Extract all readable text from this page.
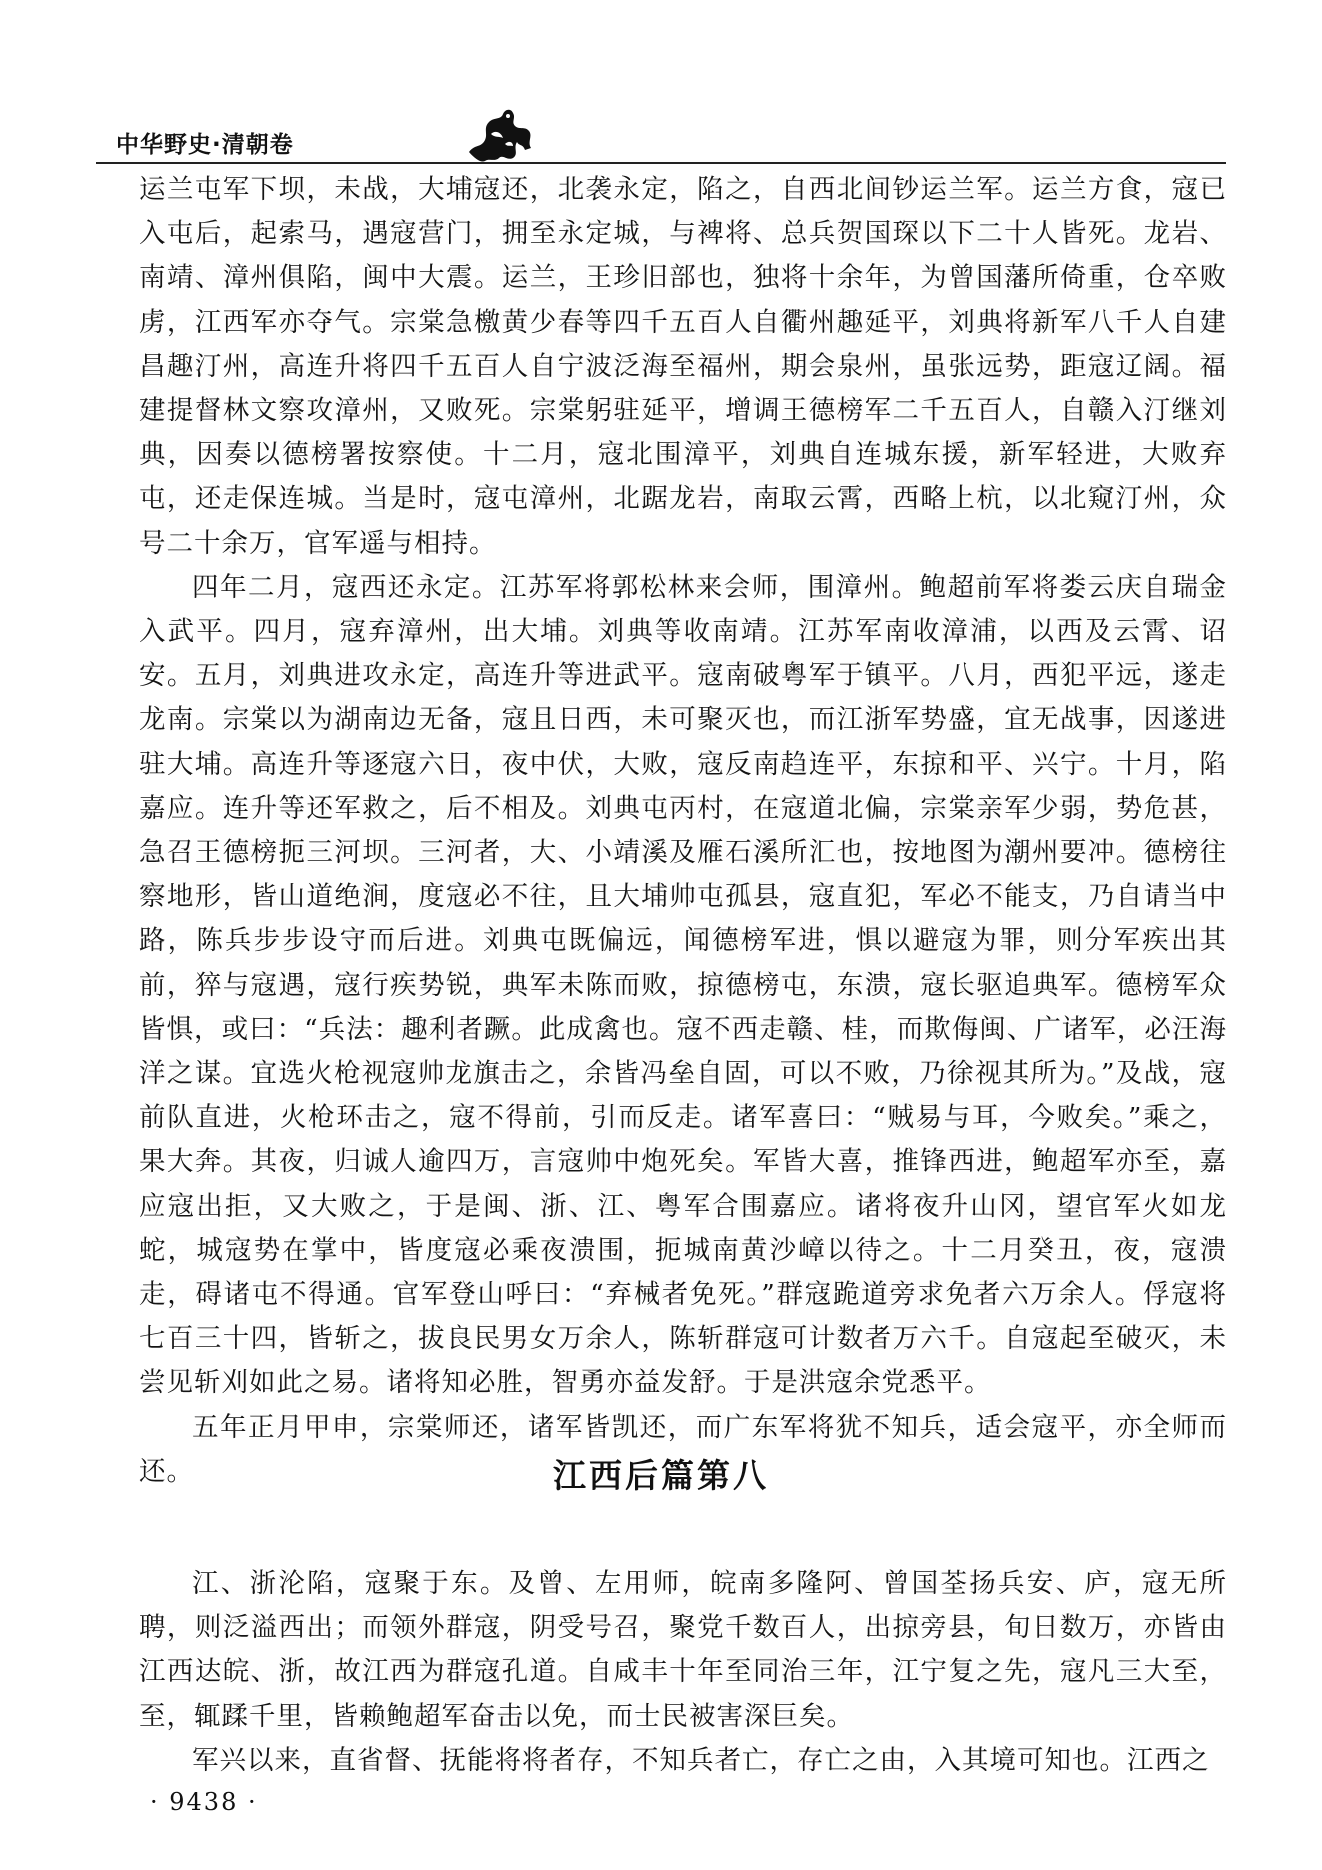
中华野史·清朝卷

运兰屯军下坝，未战，大埔寇还，北袭永定，陷之，自西北间钞运兰军。运兰方食，寇已入屯后，起索马，遇寇营门，拥至永定城，与裨将、总兵贺国琛以下二十人皆死。龙岩、南靖、漳州俱陷，闽中大震。运兰，王珍旧部也，独将十余年，为曾国藩所倚重，仓卒败虏，江西军亦夺气。宗棠急檄黄少春等四千五百人自衢州趣延平，刘典将新军八千人自建昌趣汀州，高连升将四千五百人自宁波泛海至福州，期会泉州，虽张远势，距寇辽阔。福建提督林文察攻漳州，又败死。宗棠躬驻延平，增调王德榜军二千五百人，自赣入汀继刘典，因奏以德榜署按察使。十二月，寇北围漳平，刘典自连城东援，新军轻进，大败弃屯，还走保连城。当是时，寇屯漳州，北踞龙岩，南取云霄，西略上杭，以北窥汀州，众号二十余万，官军遥与相持。

四年二月，寇西还永定。江苏军将郭松林来会师，围漳州。鲍超前军将娄云庆自瑞金入武平。四月，寇弃漳州，出大埔。刘典等收南靖。江苏军南收漳浦，以西及云霄、诏安。五月，刘典进攻永定，高连升等进武平。寇南破粤军于镇平。八月，西犯平远，遂走龙南。宗棠以为湖南边无备，寇且日西，未可聚灭也，而江浙军势盛，宜无战事，因遂进驻大埔。高连升等逐寇六日，夜中伏，大败，寇反南趋连平，东掠和平、兴宁。十月，陷嘉应。连升等还军救之，后不相及。刘典屯丙村，在寇道北偏，宗棠亲军少弱，势危甚，急召王德榜扼三河坝。三河者，大、小靖溪及雁石溪所汇也，按地图为潮州要冲。德榜往察地形，皆山道绝涧，度寇必不往，且大埔帅屯孤县，寇直犯，军必不能支，乃自请当中路，陈兵步步设守而后进。刘典屯既偏远，闻德榜军进，惧以避寇为罪，则分军疾出其前，猝与寇遇，寇行疾势锐，典军未陈而败，掠德榜屯，东溃，寇长驱追典军。德榜军众皆惧，或曰：“兵法：趣利者蹶。此成禽也。寇不西走赣、桂，而欺侮闽、广诸军，必汪海洋之谋。宜选火枪视寇帅龙旗击之，余皆冯垒自固，可以不败，乃徐视其所为。”及战，寇前队直进，火枪环击之，寇不得前，引而反走。诸军喜曰：“贼易与耳，今败矣。”乘之，果大奔。其夜，归诚人逾四万，言寇帅中炮死矣。军皆大喜，推锋西进，鲍超军亦至，嘉应寇出拒，又大败之，于是闽、浙、江、粤军合围嘉应。诸将夜升山冈，望官军火如龙蛇，城寇势在掌中，皆度寇必乘夜溃围，扼城南黄沙嶂以待之。十二月癸丑，夜，寇溃走，碍诸屯不得通。官军登山呼曰：“弃械者免死。”群寇跪道旁求免者六万余人。俘寇将七百三十四，皆斩之，拔良民男女万余人，陈斩群寇可计数者万六千。自寇起至破灭，未尝见斩刈如此之易。诸将知必胜，智勇亦益发舒。于是洪寇余党悉平。

五年正月甲申，宗棠师还，诸军皆凯还，而广东军将犹不知兵，适会寇平，亦全师而还。	江西后篇第八

江、浙沦陷，寇聚于东。及曾、左用师，皖南多隆阿、曾国荃扬兵安、庐，寇无所聘，则泛溢西出；而领外群寇，阴受号召，聚党千数百人，出掠旁县，旬日数万，亦皆由江西达皖、浙，故江西为群寇孔道。自咸丰十年至同治三年，江宁复之先，寇凡三大至，至，辄蹂千里，皆赖鲍超军奋击以免，而士民被害深巨矣。

军兴以来，直省督、抚能将将者存，不知兵者亡，存亡之由，入其境可知也。江西之

· 9438 ·
